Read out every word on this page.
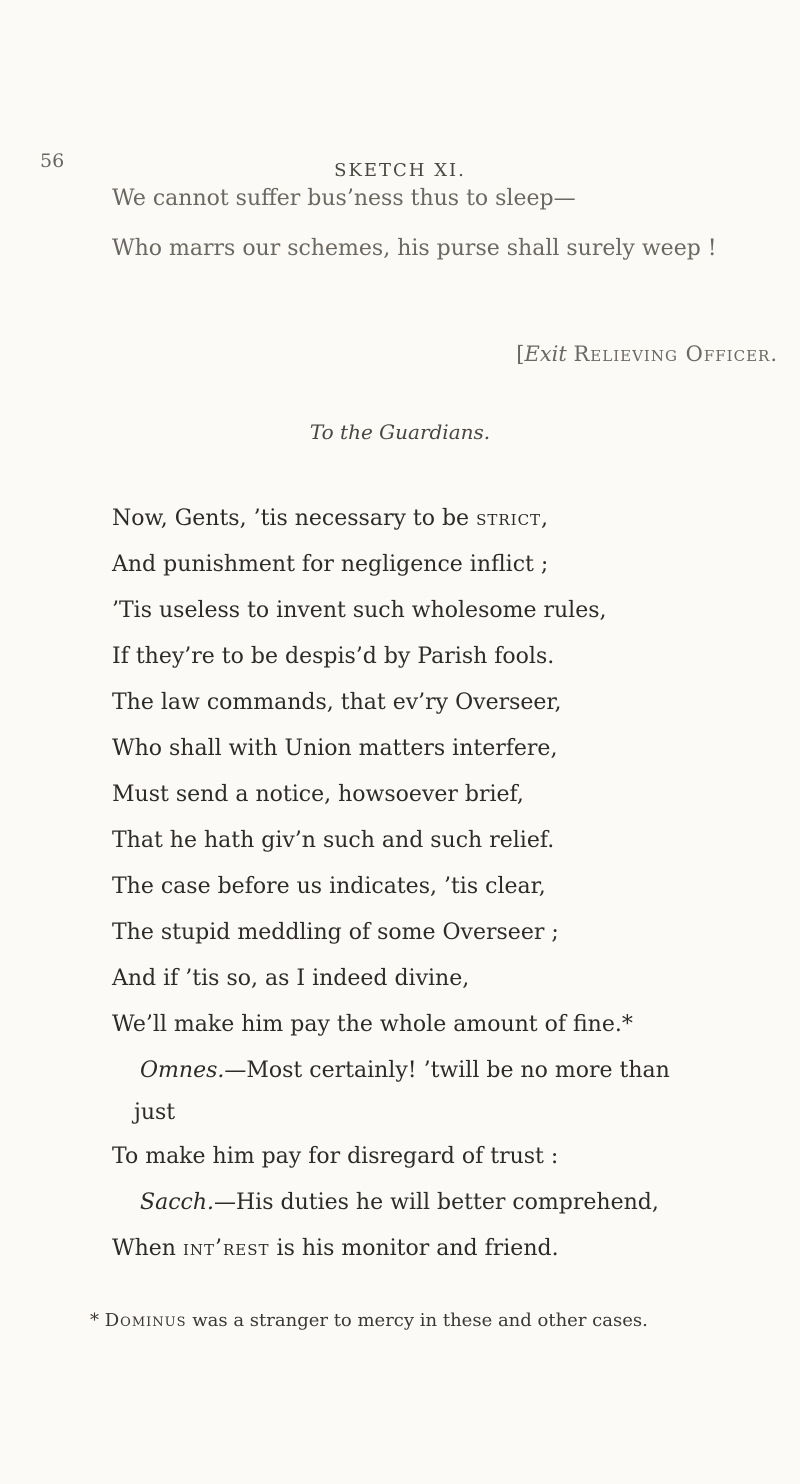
56	SKETCH XI.
We cannot suffer bus’ness thus to sleep—
Who marrs our schemes, his purse shall surely weep !
[Exit Relieving Officer.
To the Guardians.
Now, Gents, ’tis necessary to be strict,
And punishment for negligence inflict ;
’Tis useless to invent such wholesome rules,
If they’re to be despis’d by Parish fools.
The law commands, that ev’ry Overseer,
Who shall with Union matters interfere,
Must send a notice, howsoever brief,
That he hath giv’n such and such relief.
The case before us indicates, ’tis clear,
The stupid meddling of some Overseer ;
And if ’tis so, as I indeed divine,
We’ll make him pay the whole amount of fine.*
Omnes.—Most certainly! ’twill be no more than
just
To make him pay for disregard of trust :
Sacch.—His duties he will better comprehend,
When int’rest is his monitor and friend.
* Dominus was a stranger to mercy in these and other cases.
